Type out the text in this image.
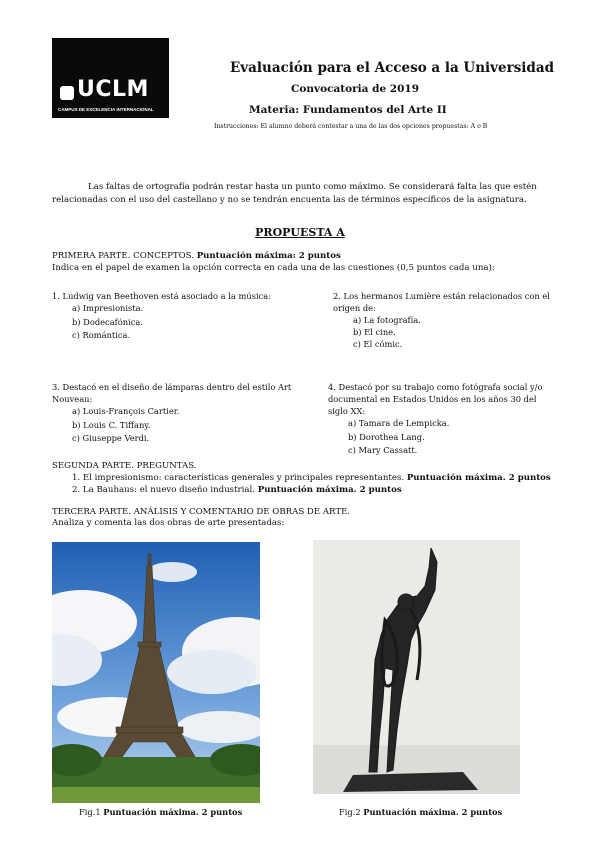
UCLM
CAMPUS DE EXCELENCIA INTERNACIONAL
Evaluación para el Acceso a la Universidad
Convocatoria de 2019
Materia: Fundamentos del Arte II
Instrucciones: El alumno deberá contestar a una de las dos opciones propuestas: A o B
Las faltas de ortografía podrán restar hasta un punto como máximo. Se considerará falta las que estén relacionadas con el uso del castellano y no se tendrán encuenta las de términos específicos de la asignatura.
PROPUESTA A
PRIMERA PARTE. CONCEPTOS. Puntuación máxima: 2 puntos
Indica en el papel de examen la opción correcta en cada una de las cuestiones (0,5 puntos cada una):
1. Ludwig van Beethoven está asociado a la música:
a) Impresionista.
b) Dodecafónica.
c) Romántica.
2. Los hermanos Lumière están relacionados con el origen de:
a) La fotografía.
b) El cine.
c) El cómic.
3. Destacó en el diseño de lámparas dentro del estilo Art Nouveau:
a) Louis-François Cartier.
b) Louis C. Tiffany.
c) Giuseppe Verdi.
4. Destacó por su trabajo como fotógrafa social y/o documental en Estados Unidos en los años 30 del siglo XX:
a) Tamara de Lempicka.
b) Dorothea Lang.
c) Mary Cassatt.
SEGUNDA PARTE. PREGUNTAS.
1. El impresionismo: características generales y principales representantes. Puntuación máxima. 2 puntos
2. La Bauhaus: el nuevo diseño industrial. Puntuación máxima. 2 puntos
TERCERA PARTE. ANÁLISIS Y COMENTARIO DE OBRAS DE ARTE.
Analiza y comenta las dos obras de arte presentadas:
Fig.1 Puntuación máxima. 2 puntos	Fig.2 Puntuación máxima. 2 puntos
